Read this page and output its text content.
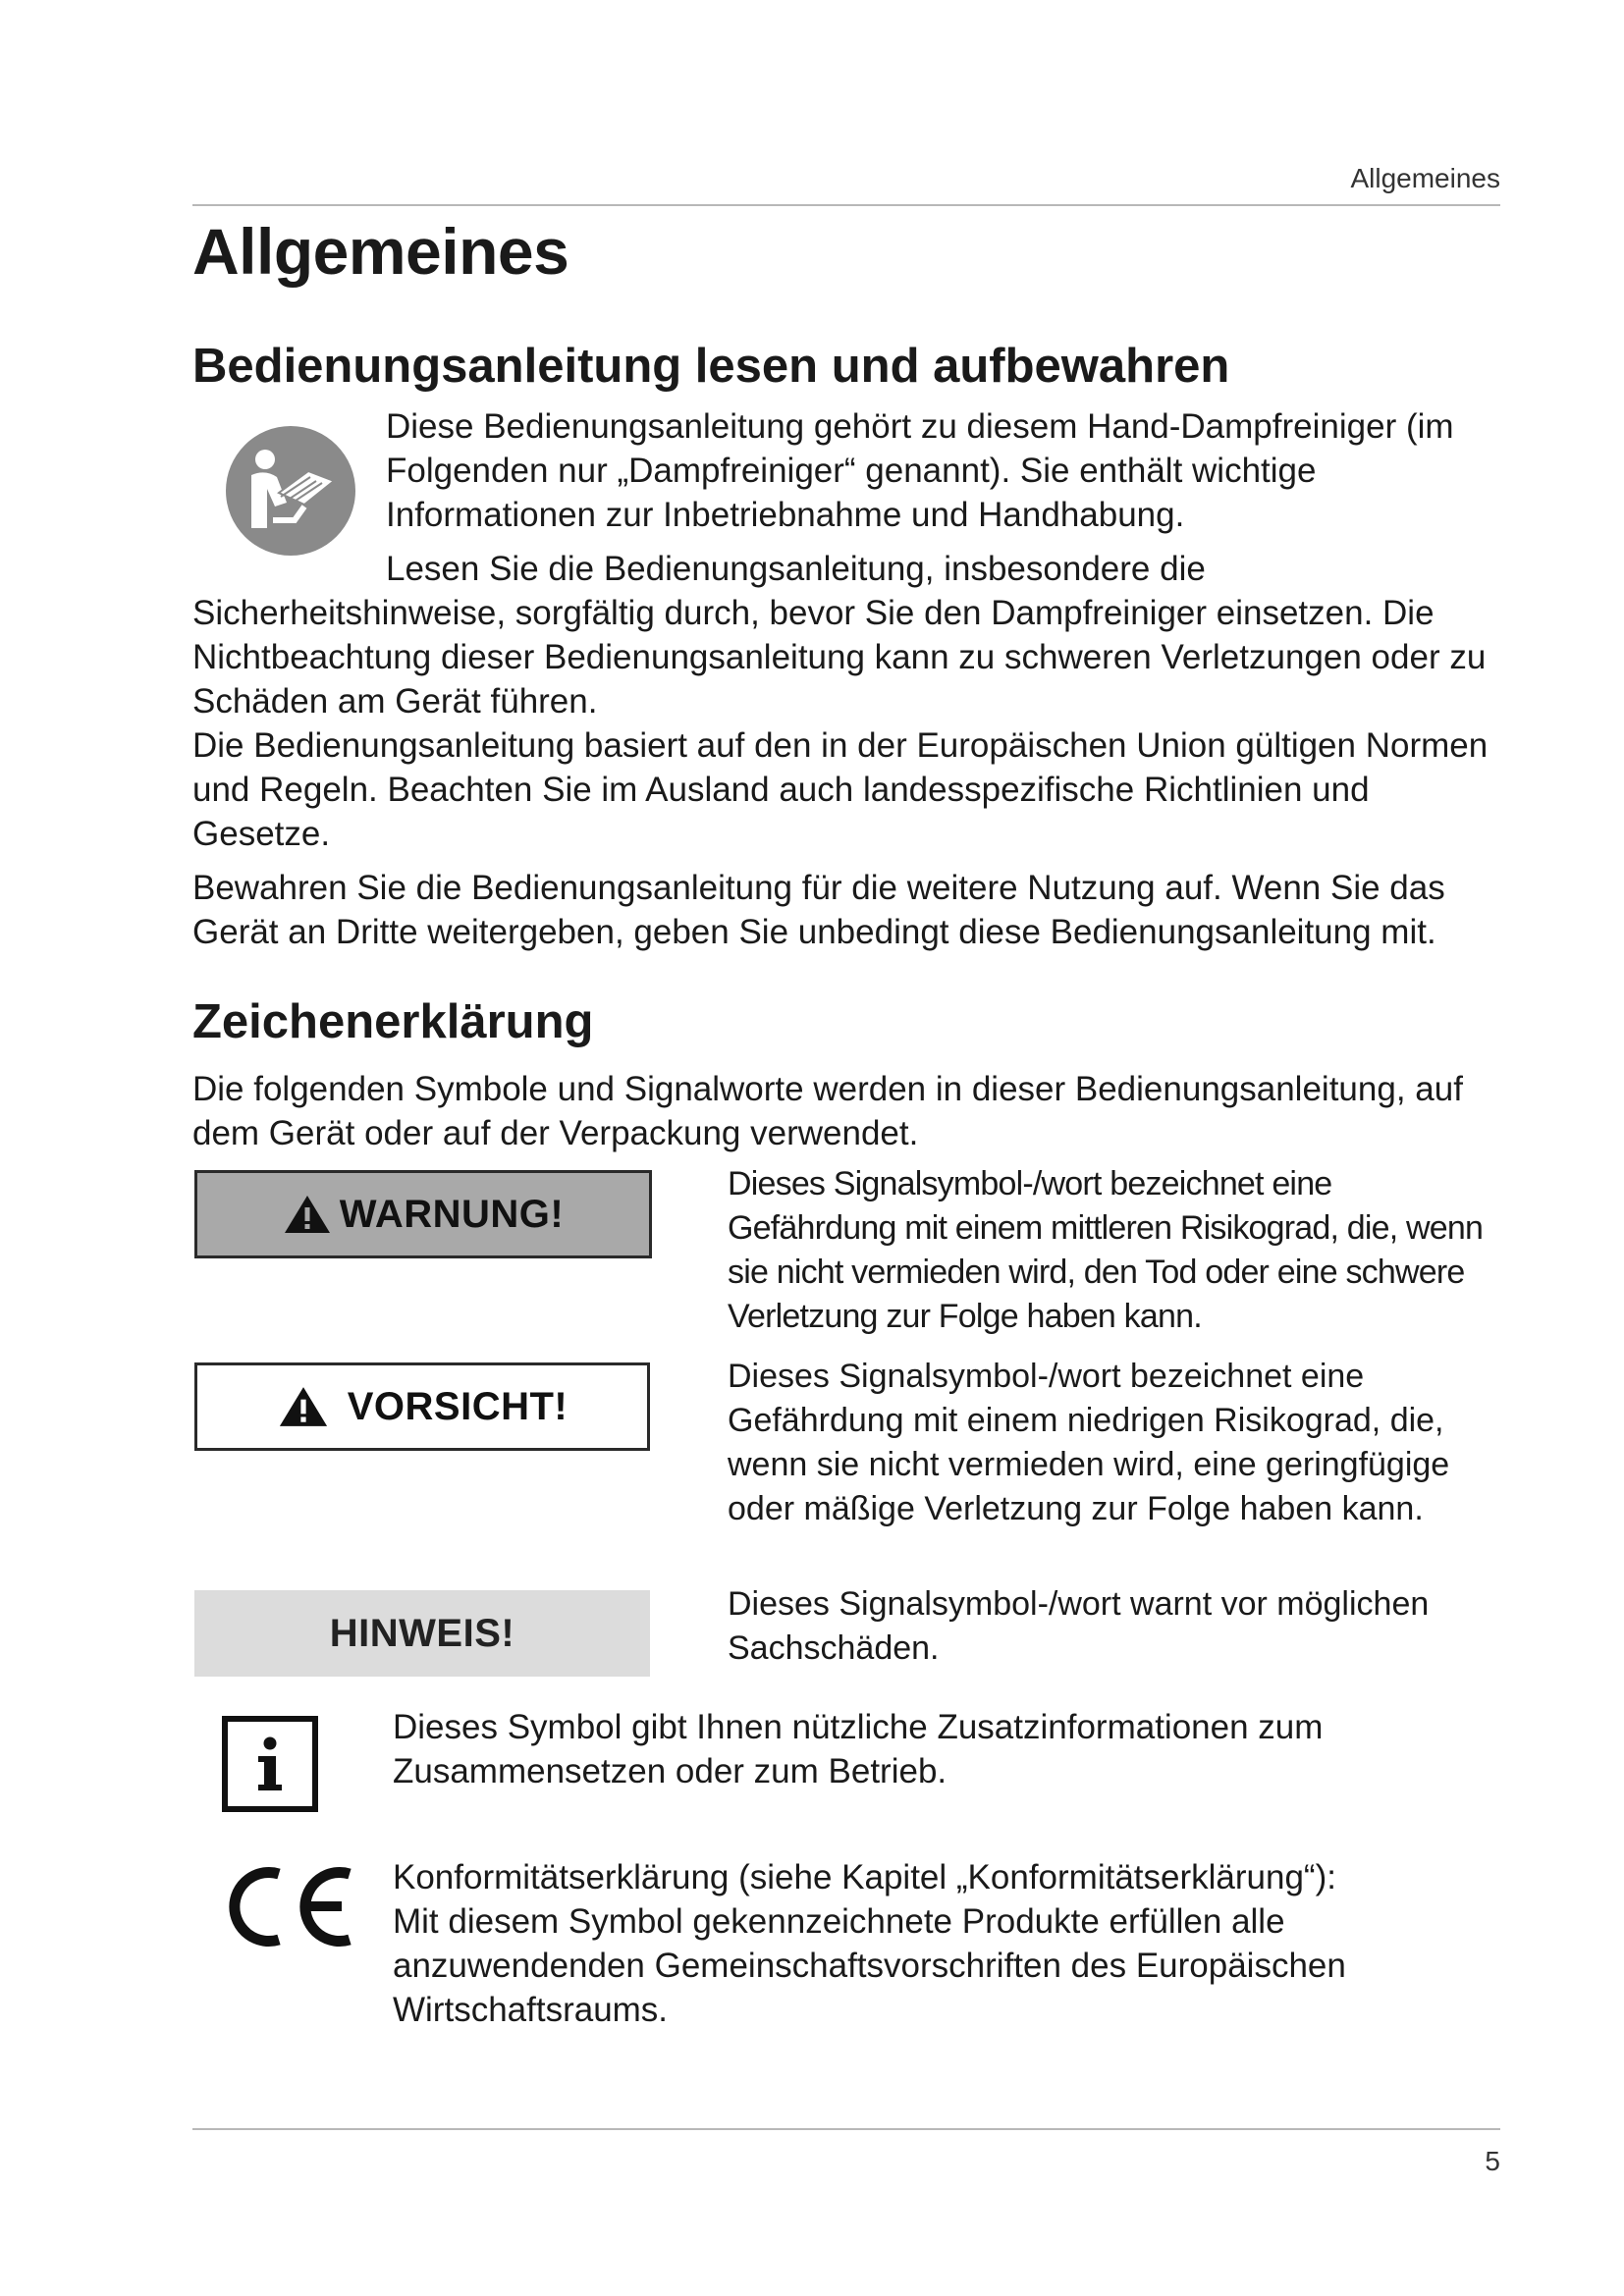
Allgemeines
Allgemeines
Bedienungsanleitung lesen und aufbewahren

Diese Bedienungsanleitung gehört zu diesem Hand-Dampfreiniger (im Folgenden nur „Dampfreiniger“ genannt). Sie enthält wichtige Informationen zur Inbetriebnahme und Handhabung.

Lesen Sie die Bedienungsanleitung, insbesondere die

Sicherheitshinweise, sorgfältig durch, bevor Sie den Dampfreiniger einsetzen. Die Nichtbeachtung dieser Bedienungsanleitung kann zu schweren Verletzungen oder zu Schäden am Gerät führen.

Die Bedienungsanleitung basiert auf den in der Europäischen Union gültigen Normen und Regeln. Beachten Sie im Ausland auch landesspezifische Richtlinien und Gesetze.

Bewahren Sie die Bedienungsanleitung für die weitere Nutzung auf. Wenn Sie das Gerät an Dritte weitergeben, geben Sie unbedingt diese Bedienungsanleitung mit.

Zeichenerklärung

Die folgenden Symbole und Signalworte werden in dieser Bedienungsanleitung, auf dem Gerät oder auf der Verpackung verwendet.

WARNUNG!

Dieses Signalsymbol-/wort bezeichnet eine Gefährdung mit einem mittleren Risikograd, die, wenn sie nicht vermieden wird, den Tod oder eine schwere Verletzung zur Folge haben kann.

VORSICHT!

Dieses Signalsymbol-/wort bezeichnet eine Gefährdung mit einem niedrigen Risikograd, die, wenn sie nicht vermieden wird, eine geringfügige oder mäßige Verletzung zur Folge haben kann.

HINWEIS!

Dieses Signalsymbol-/wort warnt vor möglichen Sachschäden.

Dieses Symbol gibt Ihnen nützliche Zusatzinformationen zum Zusammensetzen oder zum Betrieb.

Konformitätserklärung (siehe Kapitel „Konformitätserklärung“):

Mit diesem Symbol gekennzeichnete Produkte erfüllen alle anzuwendenden Gemeinschaftsvorschriften des Europäischen Wirtschaftsraums.

5
